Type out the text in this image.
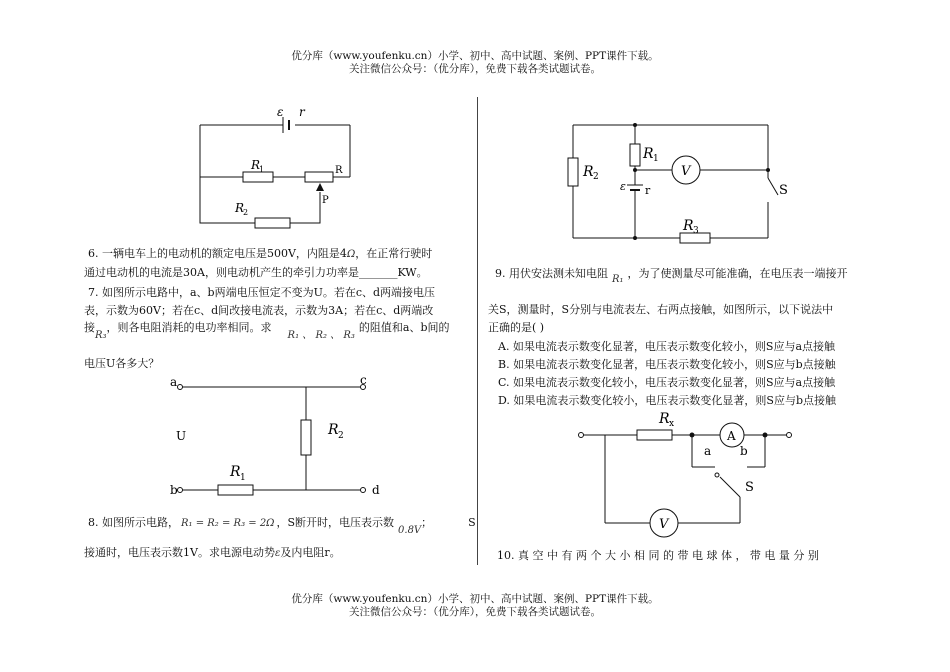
优分库（www.youfenku.cn）小学、初中、高中试题、案例、PPT课件下载。
关注微信公众号：（优分库），免费下载各类试题试卷。
ε r
R
1	R
P
R
2
6. 一辆电车上的电动机的额定电压是500V，内阻是4Ω，在正常行驶时
通过电动机的电流是30A，则电动机产生的牵引力功率是_______KW。
7. 如图所示电路中，a、b两端电压恒定不变为U。若在c、d两端接电压
表，示数为60V；若在c、d间改接电流表，示数为3A；若在c、d两端改
接R₃，则各电阻消耗的电功率相同。求R₁ 、 R₂ 、 R₃的阻值和a、b间的
电压U各多大？
a	c
U	R 2
R 1
b	d
8. 如图所示电路， R₁ = R₂ = R₃ = 2Ω ，S断开时，电压表示数0.8V；	S
接通时，电压表示数1V。求电源电动势ε及内电阻r。
R 1
R 2
ε r
V
S
R 3
9. 用伏安法测未知电阻 R₁ ，为了使测量尽可能准确，在电压表一端接开
关S，测量时，S分别与电流表左、右两点接触，如图所示，以下说法中
正确的是( )
A. 如果电流表示数变化显著，电压表示数变化较小，则S应与a点接触
B. 如果电流表示数变化显著，电压表示数变化较小，则S应与b点接触
C. 如果电流表示数变化较小，电压表示数变化显著，则S应与a点接触
D. 如果电流表示数变化较小，电压表示数变化显著，则S应与b点接触
R x
A
a b
S
V
10. 真 空 中 有 两 个 大 小 相 同 的 带 电 球 体 ， 带 电 量 分 别
优分库（www.youfenku.cn）小学、初中、高中试题、案例、PPT课件下载。
关注微信公众号：（优分库），免费下载各类试题试卷。
